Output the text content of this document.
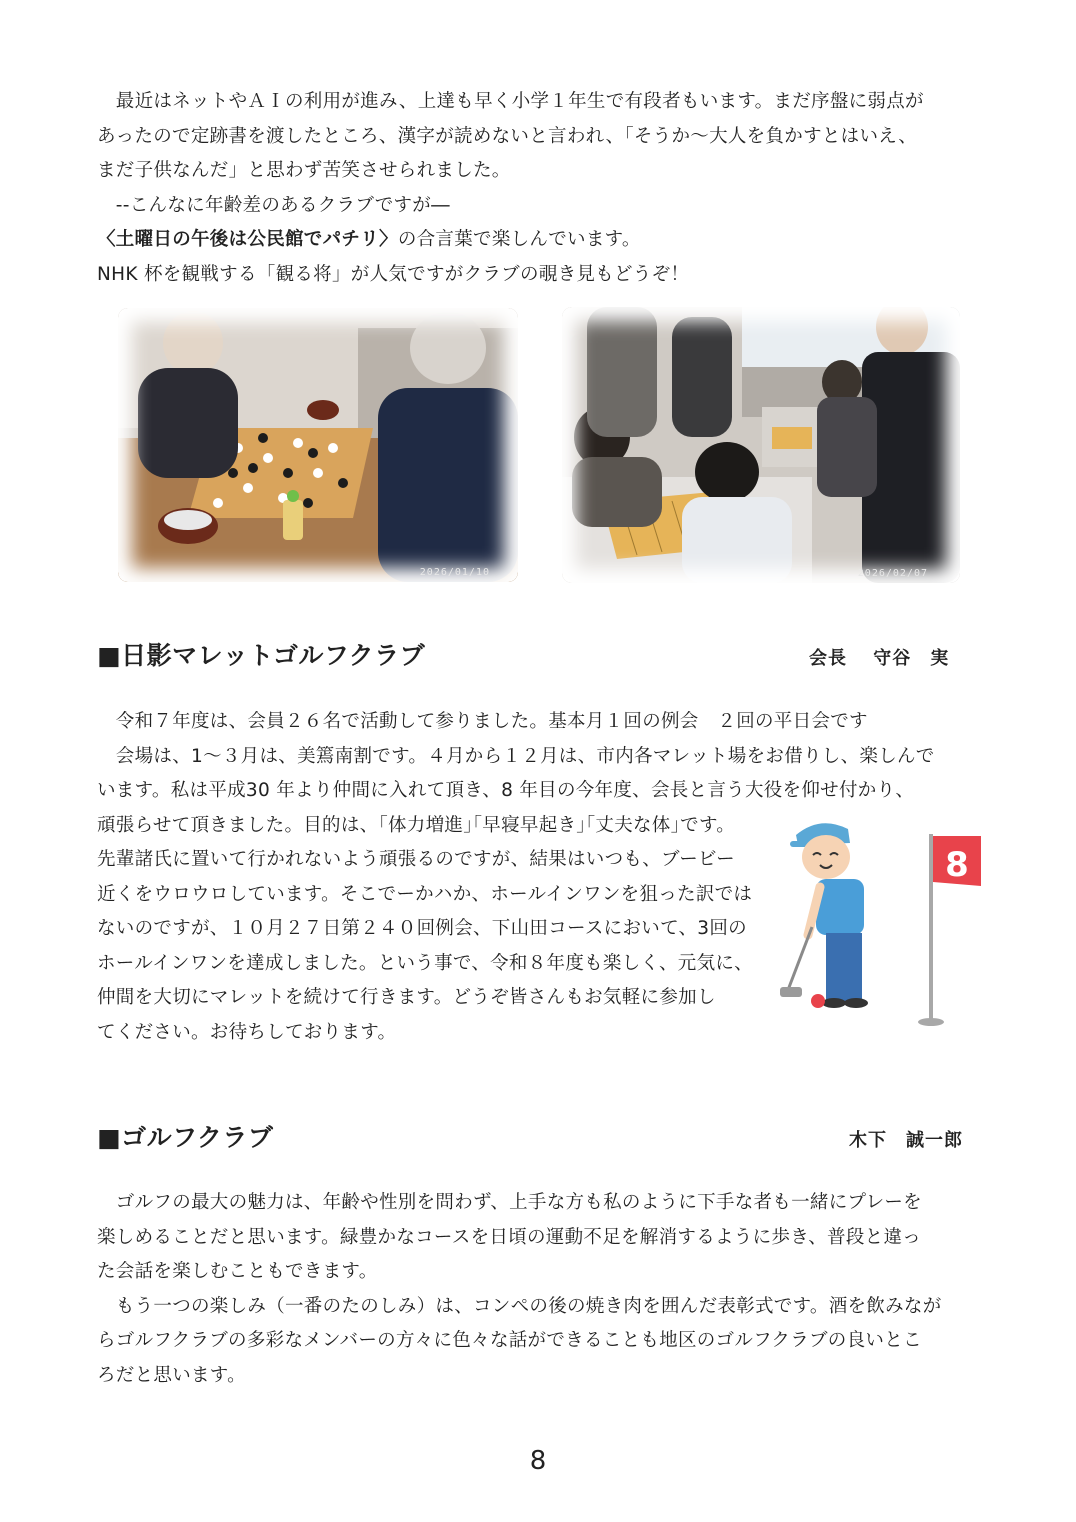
　最近はネットやＡＩの利用が進み、上達も早く小学１年生で有段者もいます。まだ序盤に弱点が

あったので定跡書を渡したところ、漢字が読めないと言われ、「そうか～大人を負かすとはいえ、

まだ子供なんだ」と思わず苦笑させられました。

　--こんなに年齢差のあるクラブですが―

〈土曜日の午後は公民館でパチリ〉の合言葉で楽しんでいます。

NHK 杯を観戦する「観る将」が人気ですがクラブの覗き見もどうぞ！

2026/01/10	2026/02/07
■日影マレットゴルフクラブ	会長　 守谷　実

　令和７年度は、会員２６名で活動して参りました。基本月１回の例会　２回の平日会です

　会場は、1～３月は、美篶南割です。４月から１２月は、市内各マレット場をお借りし、楽しんで

います。私は平成30 年より仲間に入れて頂き、8 年目の今年度、会長と言う大役を仰せ付かり、

頑張らせて頂きました。目的は、｢体力増進｣｢早寝早起き｣｢丈夫な体｣です。

先輩諸氏に置いて行かれないよう頑張るのですが、結果はいつも、ブービー

近くをウロウロしています。そこでーかハか、ホールインワンを狙った訳では

ないのですが、１０月２７日第２４０回例会、下山田コースにおいて、3回の

ホールインワンを達成しました。という事で、令和８年度も楽しく、元気に、

仲間を大切にマレットを続けて行きます。どうぞ皆さんもお気軽に参加し

てください。お待ちしております。

8
■ゴルフクラブ	木下　誠一郎

　ゴルフの最大の魅力は、年齢や性別を問わず、上手な方も私のように下手な者も一緒にプレーを

楽しめることだと思います。緑豊かなコースを日頃の運動不足を解消するように歩き、普段と違っ

た会話を楽しむこともできます。

　もう一つの楽しみ（一番のたのしみ）は、コンペの後の焼き肉を囲んだ表彰式です。酒を飲みなが

らゴルフクラブの多彩なメンバーの方々に色々な話ができることも地区のゴルフクラブの良いとこ

ろだと思います。

8
